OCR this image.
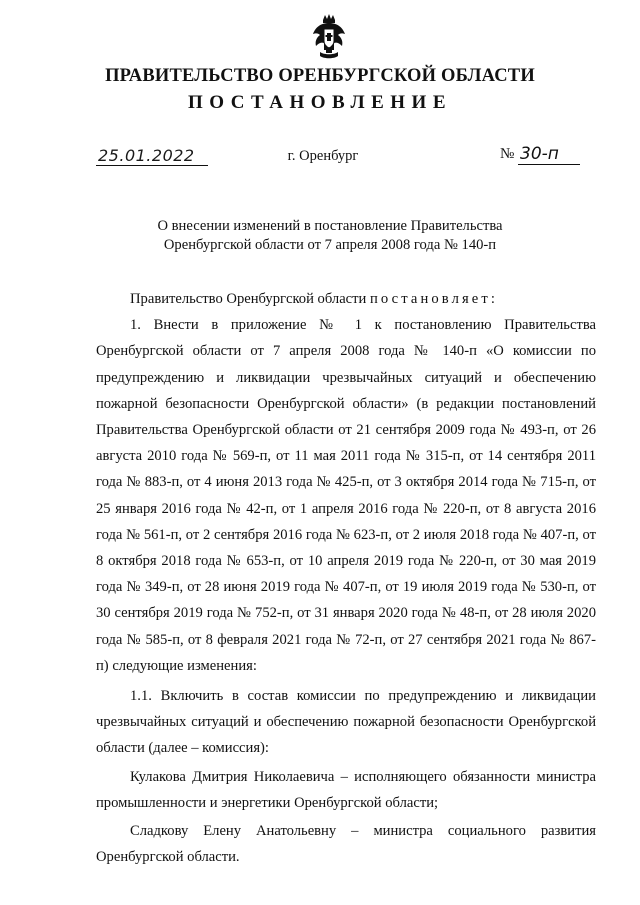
ПРАВИТЕЛЬСТВО ОРЕНБУРГСКОЙ ОБЛАСТИ
ПОСТАНОВЛЕНИЕ
25.01.2022	г. Оренбург	№ 30-п
О внесении изменений в постановление Правительства
Оренбургской области от 7 апреля 2008 года № 140-п

Правительство Оренбургской области постановляет:

1. Внести в приложение № 1 к постановлению Правительства Оренбургской области от 7 апреля 2008 года № 140-п «О комиссии по предупреждению и ликвидации чрезвычайных ситуаций и обеспечению пожарной безопасности Оренбургской области» (в редакции постановлений Правительства Оренбургской области от 21 сентября 2009 года № 493-п, от 26 августа 2010 года № 569-п, от 11 мая 2011 года № 315-п, от 14 сентября 2011 года № 883-п, от 4 июня 2013 года № 425-п, от 3 октября 2014 года № 715-п, от 25 января 2016 года № 42-п, от 1 апреля 2016 года № 220-п, от 8 августа 2016 года № 561-п, от 2 сентября 2016 года № 623-п, от 2 июля 2018 года № 407-п, от 8 октября 2018 года № 653-п, от 10 апреля 2019 года № 220-п, от 30 мая 2019 года № 349-п, от 28 июня 2019 года № 407-п, от 19 июля 2019 года № 530-п, от 30 сентября 2019 года № 752-п, от 31 января 2020 года № 48-п, от 28 июля 2020 года № 585-п, от 8 февраля 2021 года № 72-п, от 27 сентября 2021 года № 867-п) следующие изменения:

1.1. Включить в состав комиссии по предупреждению и ликвидации чрезвычайных ситуаций и обеспечению пожарной безопасности Оренбургской области (далее – комиссия):

Кулакова Дмитрия Николаевича – исполняющего обязанности министра промышленности и энергетики Оренбургской области;

Сладкову Елену Анатольевну – министра социального развития Оренбургской области.
